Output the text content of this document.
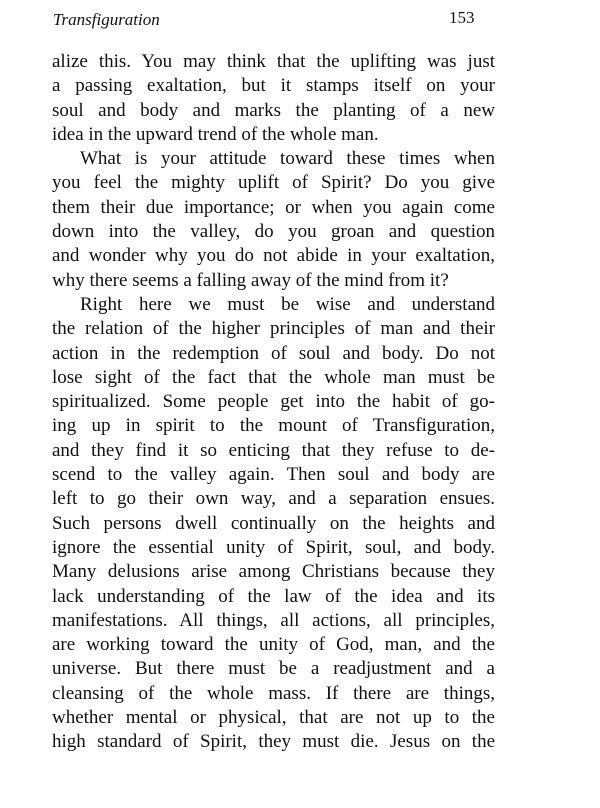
Transfiguration	153
alize this. You may think that the uplifting was just
a passing exaltation, but it stamps itself on your
soul and body and marks the planting of a new
idea in the upward trend of the whole man.
What is your attitude toward these times when
you feel the mighty uplift of Spirit? Do you give
them their due importance; or when you again come
down into the valley, do you groan and question
and wonder why you do not abide in your exaltation,
why there seems a falling away of the mind from it?
Right here we must be wise and understand
the relation of the higher principles of man and their
action in the redemption of soul and body. Do not
lose sight of the fact that the whole man must be
spiritualized. Some people get into the habit of go-
ing up in spirit to the mount of Transfiguration,
and they find it so enticing that they refuse to de-
scend to the valley again. Then soul and body are
left to go their own way, and a separation ensues.
Such persons dwell continually on the heights and
ignore the essential unity of Spirit, soul, and body.
Many delusions arise among Christians because they
lack understanding of the law of the idea and its
manifestations. All things, all actions, all principles,
are working toward the unity of God, man, and the
universe. But there must be a readjustment and a
cleansing of the whole mass. If there are things,
whether mental or physical, that are not up to the
high standard of Spirit, they must die. Jesus on the
